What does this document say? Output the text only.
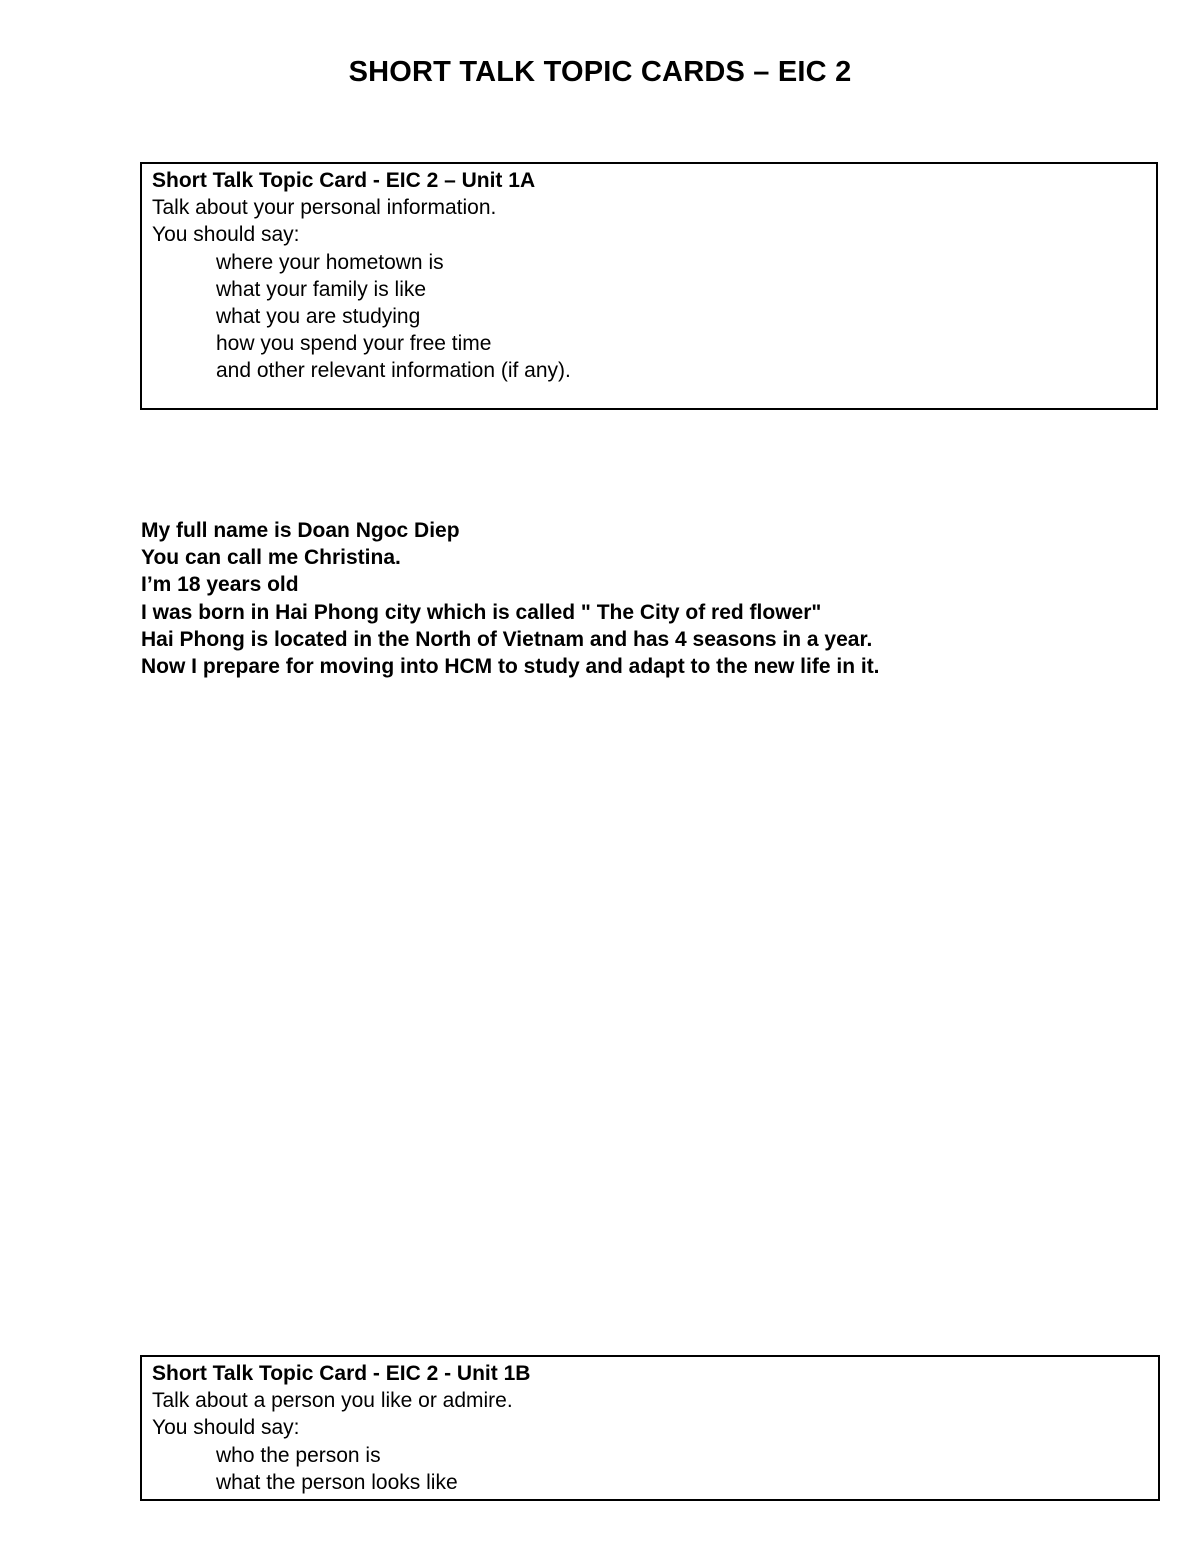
SHORT TALK TOPIC CARDS – EIC 2
Short Talk Topic Card - EIC 2 – Unit 1A
Talk about your personal information.
You should say:
where your hometown is
what your family is like
what you are studying
how you spend your free time
and other relevant information (if any).
My full name is Doan Ngoc Diep
You can call me Christina.
I’m 18 years old
I was born in Hai Phong city which is called " The City of red flower"
Hai Phong is located in the North of Vietnam and has 4 seasons in a year.
Now I prepare for moving into HCM to study and adapt to the new life in it.
Short Talk Topic Card - EIC 2 - Unit 1B
Talk about a person you like or admire.
You should say:
who the person is
what the person looks like
